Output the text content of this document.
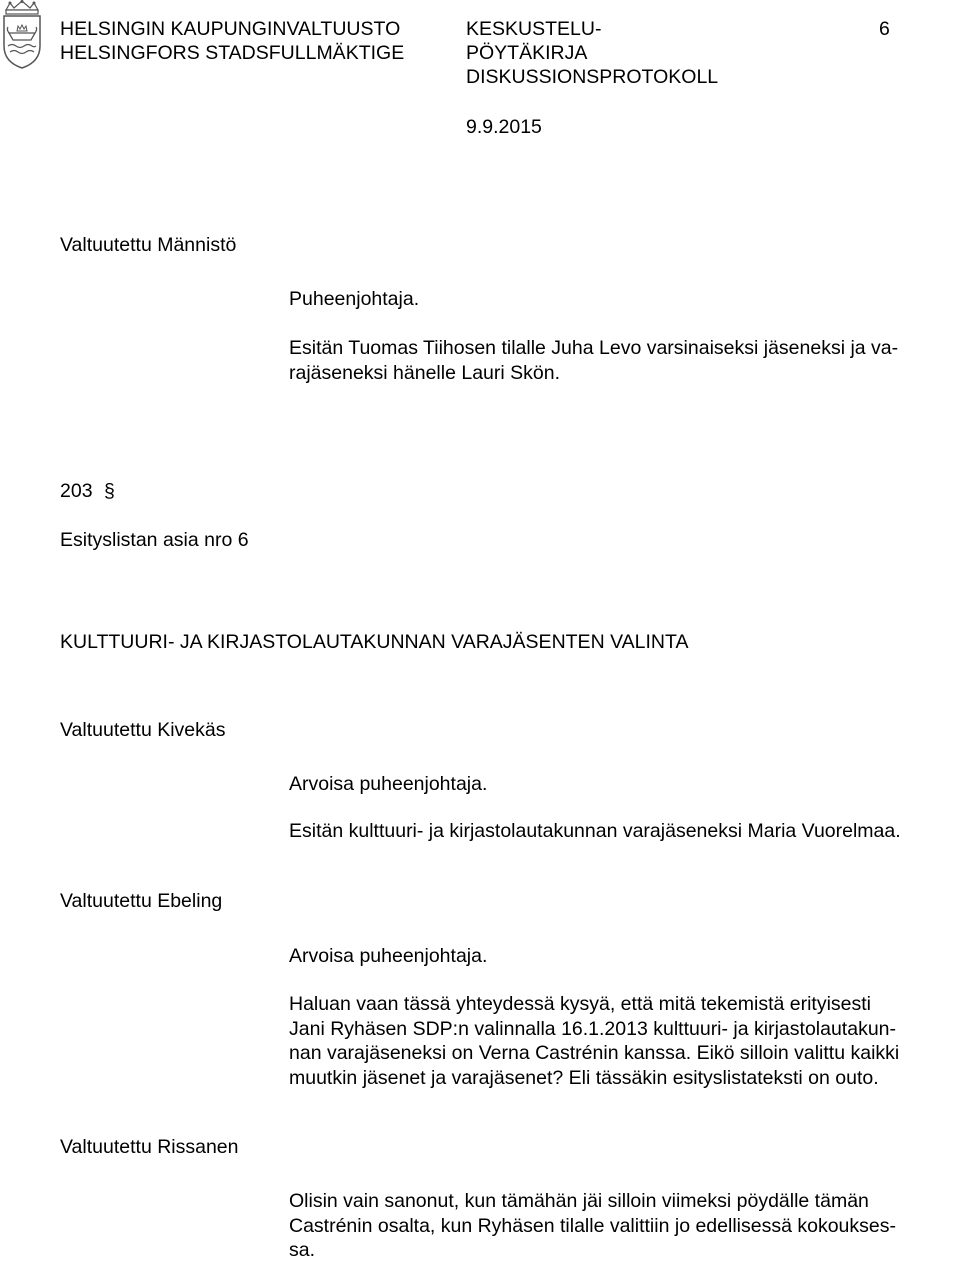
HELSINGIN KAUPUNGINVALTUUSTO
HELSINGFORS STADSFULLMÄKTIGE
KESKUSTELU-
PÖYTÄKIRJA
DISKUSSIONSPROTOKOLL
6
9.9.2015
Valtuutettu Männistö
Puheenjohtaja.
Esitän Tuomas Tiihosen tilalle Juha Levo varsinaiseksi jäseneksi ja va-
rajäseneksi hänelle Lauri Skön.
203 §
Esityslistan asia nro 6
KULTTUURI- JA KIRJASTOLAUTAKUNNAN VARAJÄSENTEN VALINTA
Valtuutettu Kivekäs
Arvoisa puheenjohtaja.
Esitän kulttuuri- ja kirjastolautakunnan varajäseneksi Maria Vuorelmaa.
Valtuutettu Ebeling
Arvoisa puheenjohtaja.
Haluan vaan tässä yhteydessä kysyä, että mitä tekemistä erityisesti
Jani Ryhäsen SDP:n valinnalla 16.1.2013 kulttuuri- ja kirjastolautakun-
nan varajäseneksi on Verna Castrénin kanssa. Eikö silloin valittu kaikki
muutkin jäsenet ja varajäsenet? Eli tässäkin esityslistateksti on outo.
Valtuutettu Rissanen
Olisin vain sanonut, kun tämähän jäi silloin viimeksi pöydälle tämän
Castrénin osalta, kun Ryhäsen tilalle valittiin jo edellisessä kokoukses-
sa.
